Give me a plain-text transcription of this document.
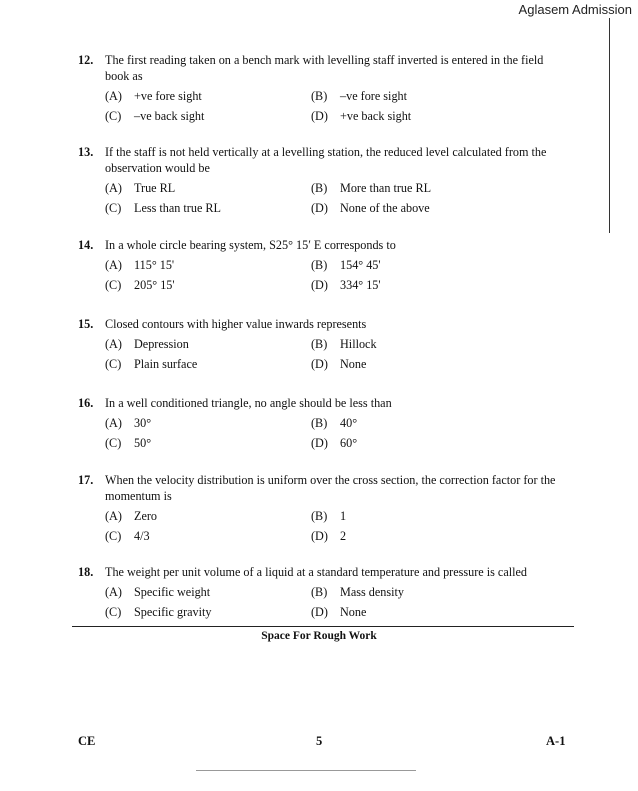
Aglasem Admission
12. The first reading taken on a bench mark with levelling staff inverted is entered in the field book as
(A) +ve fore sight	(B)	–ve fore sight
(C)	–ve back sight	(D) +ve back sight
13. If the staff is not held vertically at a levelling station, the reduced level calculated from the observation would be
(A) True RL	(B)	More than true RL
(C)	Less than true RL	(D) None of the above
14. In a whole circle bearing system, S25° 15′ E corresponds to
(A) 115° 15'	(B)	154° 45'
(C)	205° 15'	(D) 334° 15'
15. Closed contours with higher value inwards represents
(A) Depression	(B)	Hillock
(C)	Plain surface	(D) None
16. In a well conditioned triangle, no angle should be less than
(A) 30°	(B)	40°
(C)	50°	(D) 60°
17. When the velocity distribution is uniform over the cross section, the correction factor for the momentum is
(A) Zero	(B)	1
(C)	4/3	(D) 2
18. The weight per unit volume of a liquid at a standard temperature and pressure is called
(A) Specific weight	(B)	Mass density
(C)	Specific gravity	(D) None
Space For Rough Work
CE	5	A-1
